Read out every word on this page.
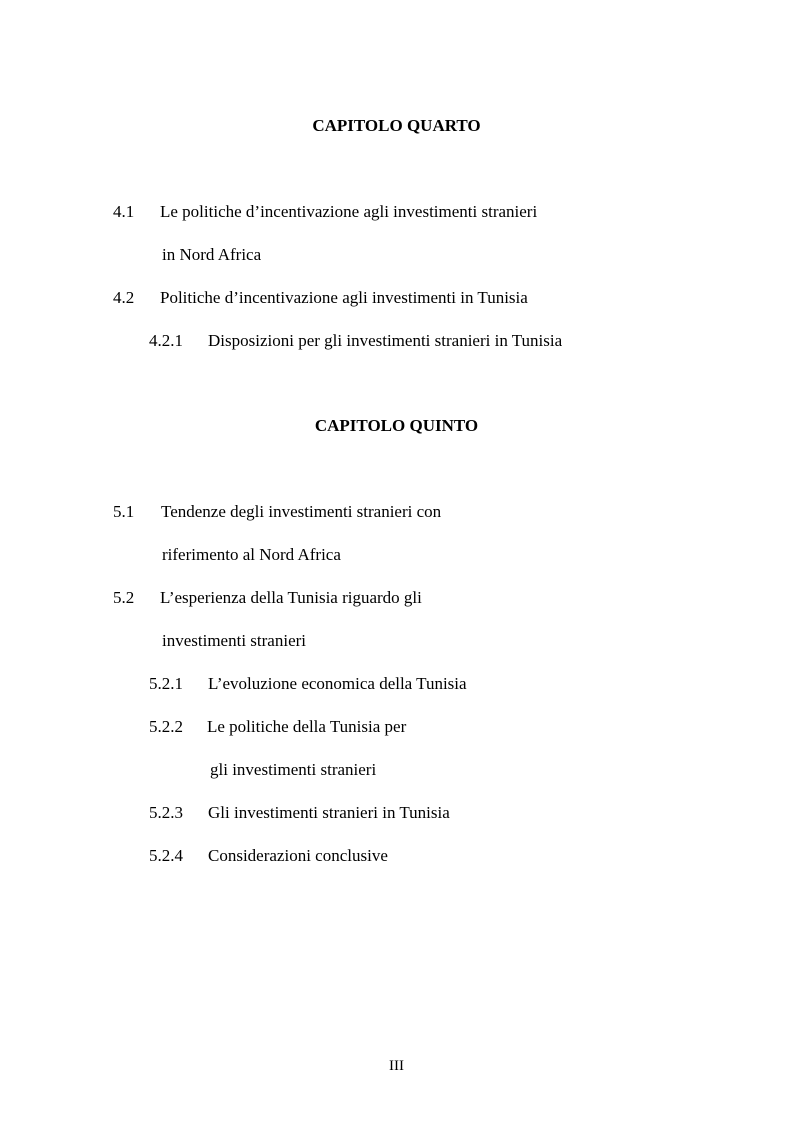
CAPITOLO QUARTO
4.1 Le politiche d’incentivazione agli investimenti stranieri
in Nord Africa
4.2 Politiche d’incentivazione agli investimenti in Tunisia
4.2.1 Disposizioni per gli investimenti stranieri in Tunisia
CAPITOLO QUINTO
5.1 Tendenze degli investimenti stranieri con
riferimento al Nord Africa
5.2 L’esperienza della Tunisia riguardo gli
investimenti stranieri
5.2.1 L’evoluzione economica della Tunisia
5.2.2 Le politiche della Tunisia per
gli investimenti stranieri
5.2.3 Gli investimenti stranieri in Tunisia
5.2.4 Considerazioni conclusive
III
